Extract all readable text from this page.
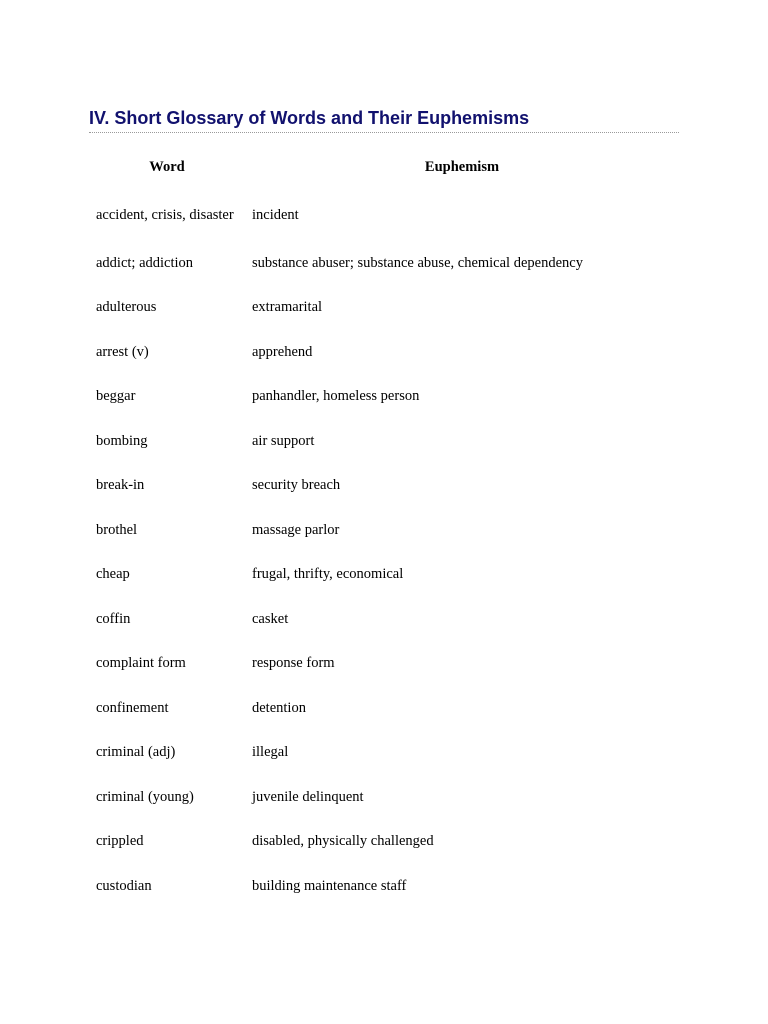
IV. Short Glossary of Words and Their Euphemisms
Word	Euphemism
accident, crisis, disaster	incident
addict; addiction	substance abuser; substance abuse, chemical dependency
adulterous	extramarital
arrest (v)	apprehend
beggar	panhandler, homeless person
bombing	air support
break-in	security breach
brothel	massage parlor
cheap	frugal, thrifty, economical
coffin	casket
complaint form	response form
confinement	detention
criminal (adj)	illegal
criminal (young)	juvenile delinquent
crippled	disabled, physically challenged
custodian	building maintenance staff
